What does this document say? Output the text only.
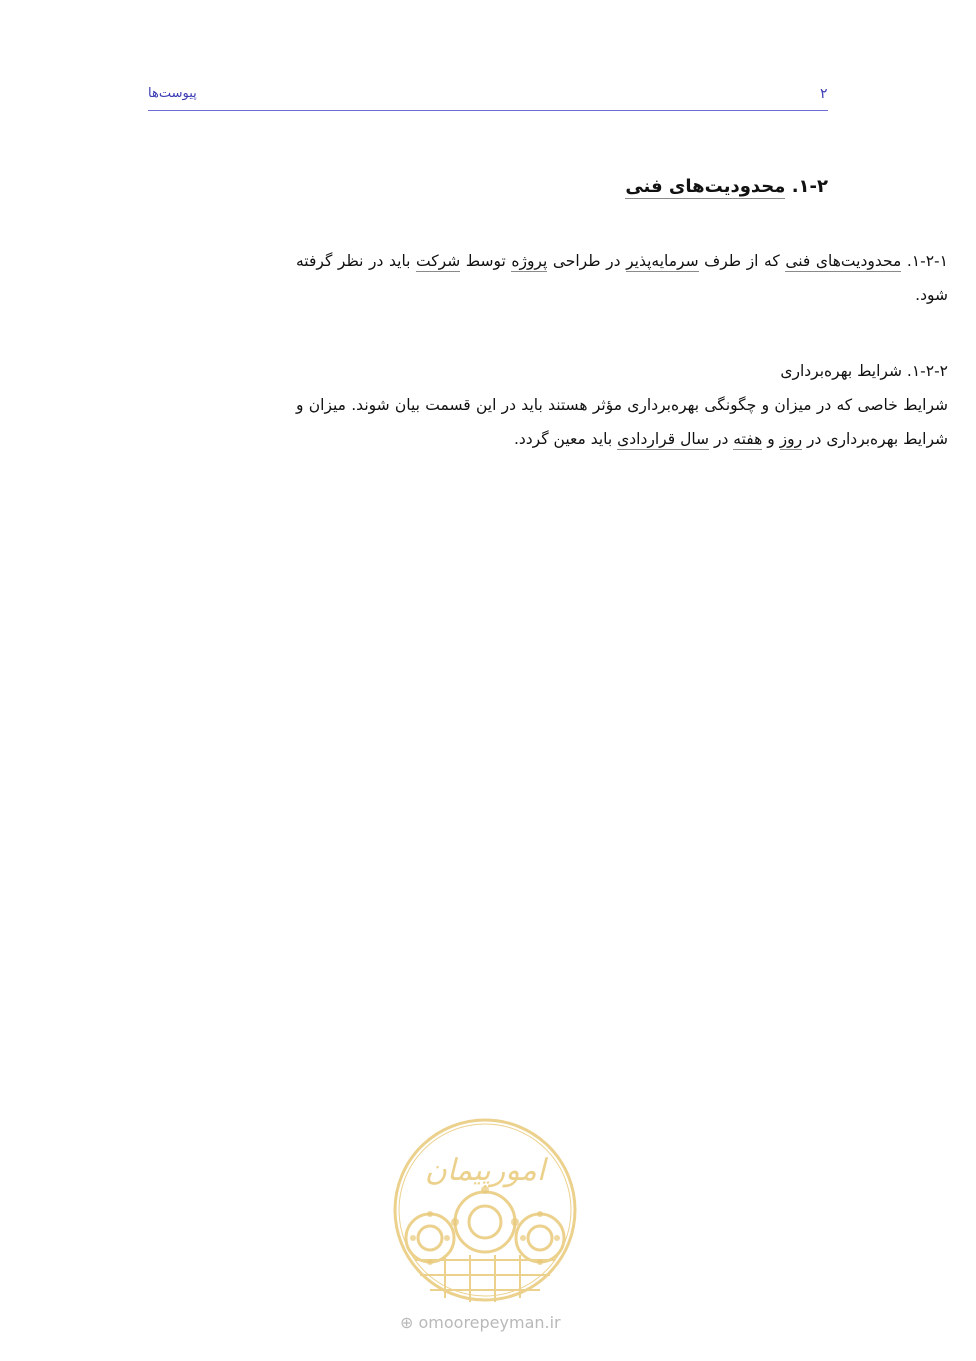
۲
پیوست‌ها
۱-۲. محدودیت‌های فنی
۱-۲-۱. محدودیت‌های فنی که از طرف سرمایه‌پذیر در طراحی پروژه توسط شرکت باید در نظر گرفته شود.
۱-۲-۲. شرایط بهره‌برداری
شرایط خاصی که در میزان و چگونگی بهره‌برداری مؤثر هستند باید در این قسمت بیان شوند. میزان و شرایط بهره‌برداری در روز و هفته در سال قراردادی باید معین گردد.
امورپیمان
⊕ omoorepeyman.ir
